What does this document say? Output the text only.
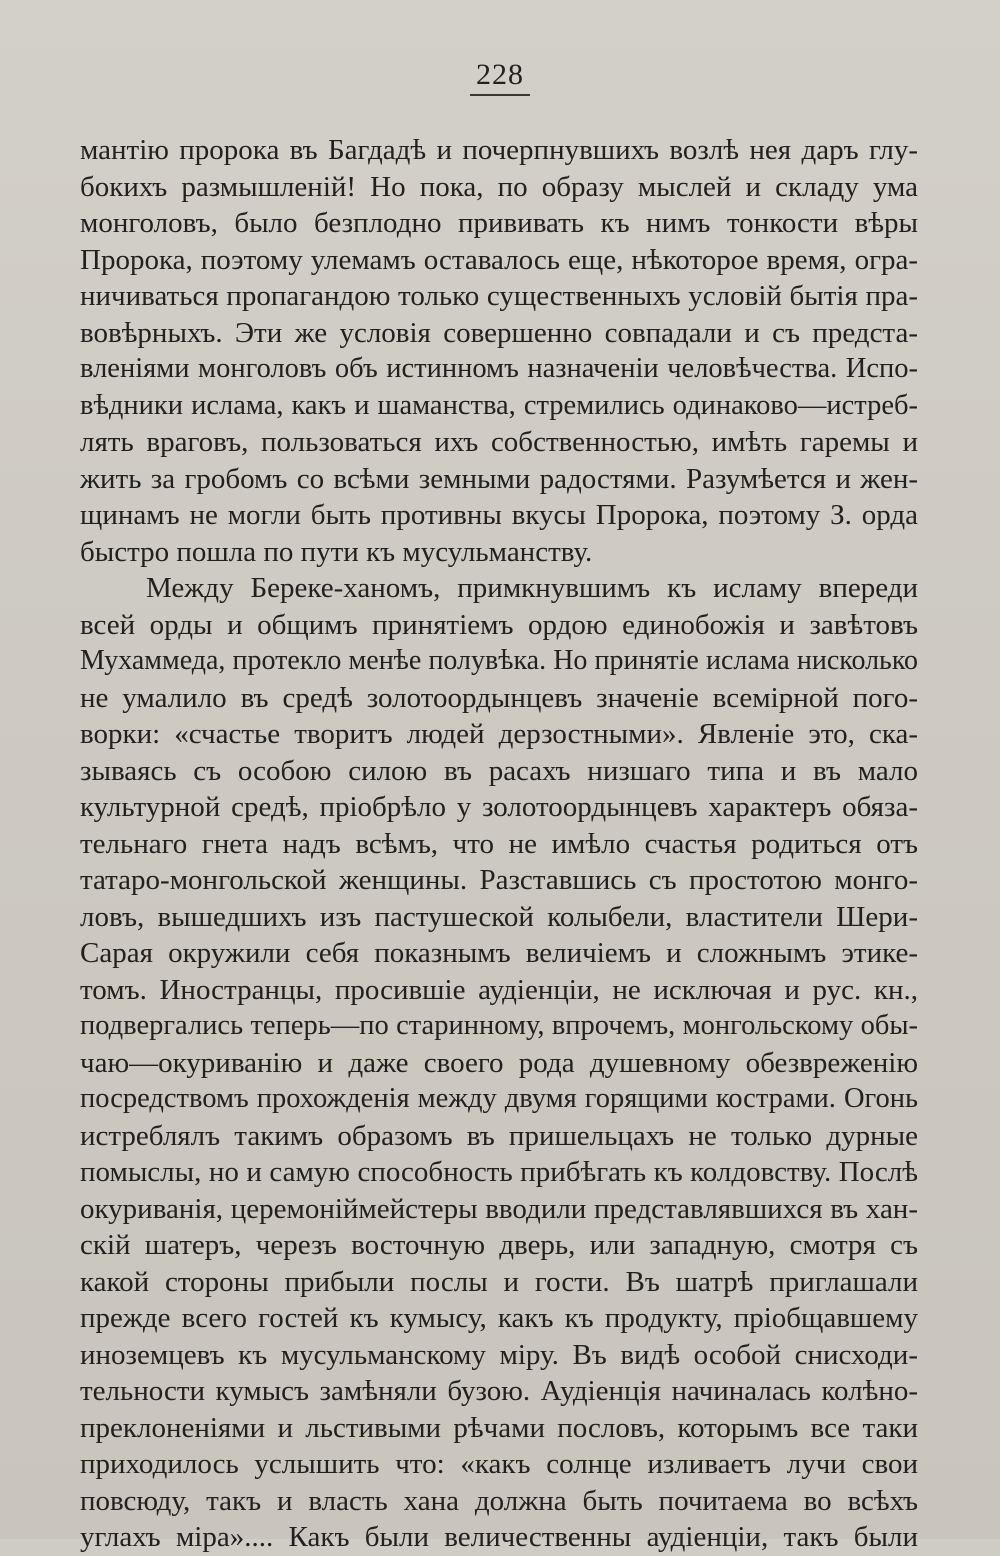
228
мантію пророка въ Багдадѣ и почерпнувшихъ возлѣ нея даръ глу-
бокихъ размышленій! Но пока, по образу мыслей и складу ума
монголовъ, было безплодно прививать къ нимъ тонкости вѣры
Пророка, поэтому улемамъ оставалось еще, нѣкоторое время, огра-
ничиваться пропагандою только существенныхъ условій бытія пра-
вовѣрныхъ. Эти же условія совершенно совпадали и съ предста-
вленіями монголовъ объ истинномъ назначеніи человѣчества. Испо-
вѣдники ислама, какъ и шаманства, стремились одинаково—истреб-
лять враговъ, пользоваться ихъ собственностью, имѣть гаремы и
жить за гробомъ со всѣми земными радостями. Разумѣется и жен-
щинамъ не могли быть противны вкусы Пророка, поэтому З. орда
быстро пошла по пути къ мусульманству.
Между Береке-ханомъ, примкнувшимъ къ исламу впереди
всей орды и общимъ принятіемъ ордою единобожія и завѣтовъ
Мухаммеда, протекло менѣе полувѣка. Но принятіе ислама нисколько
не умалило въ средѣ золотоордынцевъ значеніе всемірной пого-
ворки: «счастье творитъ людей дерзостными». Явленіе это, ска-
зываясь съ особою силою въ расахъ низшаго типа и въ мало
культурной средѣ, пріобрѣло у золотоордынцевъ характеръ обяза-
тельнаго гнета надъ всѣмъ, что не имѣло счастья родиться отъ
татаро-монгольской женщины. Разставшись съ простотою монго-
ловъ, вышедшихъ изъ пастушеской колыбели, властители Шери-
Сарая окружили себя показнымъ величіемъ и сложнымъ этике-
томъ. Иностранцы, просившіе аудіенціи, не исключая и рус. кн.,
подвергались теперь—по старинному, впрочемъ, монгольскому обы-
чаю—окуриванію и даже своего рода душевному обезвреженію
посредствомъ прохожденія между двумя горящими кострами. Огонь
истреблялъ такимъ образомъ въ пришельцахъ не только дурные
помыслы, но и самую способность прибѣгать къ колдовству. Послѣ
окуриванія, церемоніймейстеры вводили представлявшихся въ хан-
скій шатеръ, черезъ восточную дверь, или западную, смотря съ
какой стороны прибыли послы и гости. Въ шатрѣ приглашали
прежде всего гостей къ кумысу, какъ къ продукту, пріобщавшему
иноземцевъ къ мусульманскому міру. Въ видѣ особой снисходи-
тельности кумысъ замѣняли бузою. Аудіенція начиналась колѣно-
преклоненіями и льстивыми рѣчами пословъ, которымъ все таки
приходилось услышить что: «какъ солнце изливаетъ лучи свои
повсюду, такъ и власть хана должна быть почитаема во всѣхъ
углахъ міра».... Какъ были величественны аудіенціи, такъ были
